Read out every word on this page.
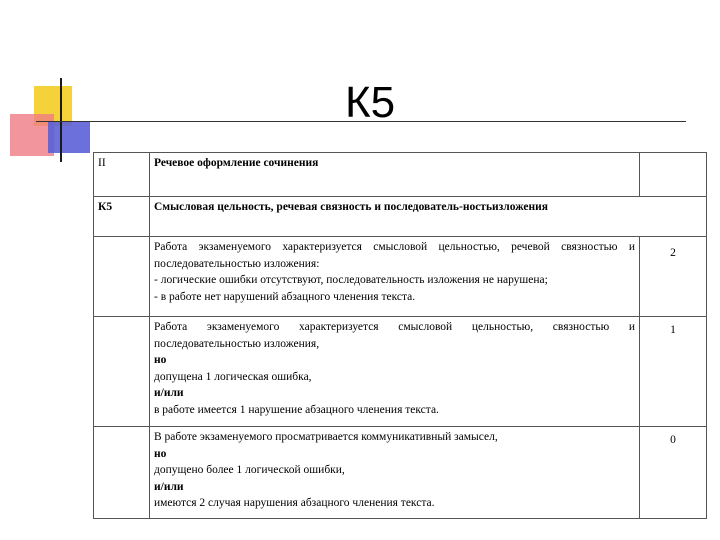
К5
II	Речевое оформление сочинения	
К5	Смысловая цельность, речевая связность и последователь-ностьизложения	

	Работа экзаменуемого характеризуется смысловой цельностью, речевой связностью и последовательностью изложения:

- логические ошибки отсутствуют, последовательность изложения не нарушена;

- в работе нет нарушений абзацного членения текста.	2

	Работа экзаменуемого характеризуется смысловой цельностью, связностью и последовательностью изложения,

но

допущена 1 логическая ошибка,

и/или

в работе имеется 1 нарушение абзацного членения текста.	1

	В работе экзаменуемого просматривается коммуникативный замысел,

но

допущено более 1 логической ошибки,

и/или

имеются 2 случая нарушения абзацного членения текста.	0
